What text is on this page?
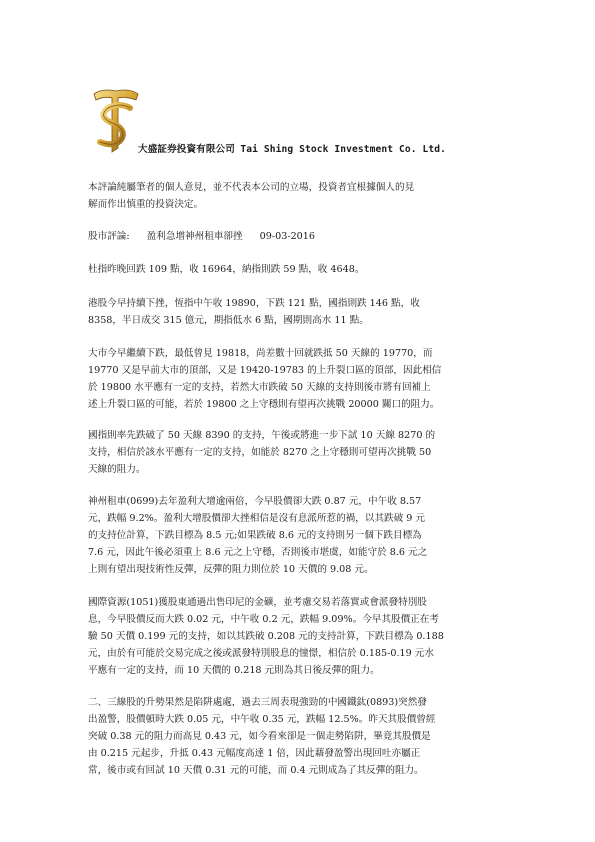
大盛証券投資有限公司 Tai Shing Stock Investment Co. Ltd.

本評論純屬筆者的個人意見，並不代表本公司的立場，投資者宜根據個人的見

解而作出慎重的投資決定。

股市評論: 盈利急增神州租車卻挫 09-03-2016

杜指昨晚回跌 109 點，收 16964，納指則跌 59 點，收 4648。

港股今早持續下挫，恆指中午收 19890，下跌 121 點，國指則跌 146 點，收

8358，半日成交 315 億元，期指低水 6 點，國期則高水 11 點。

大市今早繼續下跌，最低曾見 19818，尚差數十回就跌抵 50 天線的 19770，而

19770 又是早前大市的頂部，又是 19420-19783 的上升裂口區的頂部，因此相信

於 19800 水平應有一定的支持，若然大市跌破 50 天線的支持則後市將有回補上

述上升裂口區的可能，若於 19800 之上守穩則有望再次挑戰 20000 關口的阻力。

國指則率先跌破了 50 天線 8390 的支持，午後或將進一步下試 10 天線 8270 的

支持，相信於該水平應有一定的支持，如能於 8270 之上守穩則可望再次挑戰 50

天線的阻力。

神州租車(0699)去年盈利大增逾兩倍，今早股價卻大跌 0.87 元，中午收 8.57

元，跌幅 9.2%。盈利大增股價卻大挫相信是沒有息派所惹的禍，以其跌破 9 元

的支持位計算，下跌目標為 8.5 元;如果跌破 8.6 元的支持則另一個下跌目標為

7.6 元，因此午後必須重上 8.6 元之上守穩，否則後市堪虞，如能守於 8.6 元之

上則有望出現技術性反彈，反彈的阻力則位於 10 天價的 9.08 元。

國際資源(1051)獲股東通過出售印尼的金礦，並考慮交易若落實或會派發特別股

息，今早股價反而大跌 0.02 元，中午收 0.2 元，跌幅 9.09%。今早其股價正在考

驗 50 天價 0.199 元的支持，如以其跌破 0.208 元的支持計算，下跌目標為 0.188

元，由於有可能於交易完成之後或派發特別股息的憧憬，相信於 0.185-0.19 元水

平應有一定的支持，而 10 天價的 0.218 元則為其日後反彈的阻力。

二、三線股的升勢果然是陷阱處處，過去三周表現強勁的中國鐵鈦(0893)突然發

出盈警，股價頓時大跌 0.05 元，中午收 0.35 元，跌幅 12.5%。昨天其股價曾經

突破 0.38 元的阻力而高見 0.43 元，如今看來卻是一個走勢陷阱，畢竟其股價是

由 0.215 元起步，升抵 0.43 元幅度高達 1 倍，因此藉發盈警出現回吐亦屬正

常，後市或有回試 10 天價 0.31 元的可能，而 0.4 元則成為了其反彈的阻力。
